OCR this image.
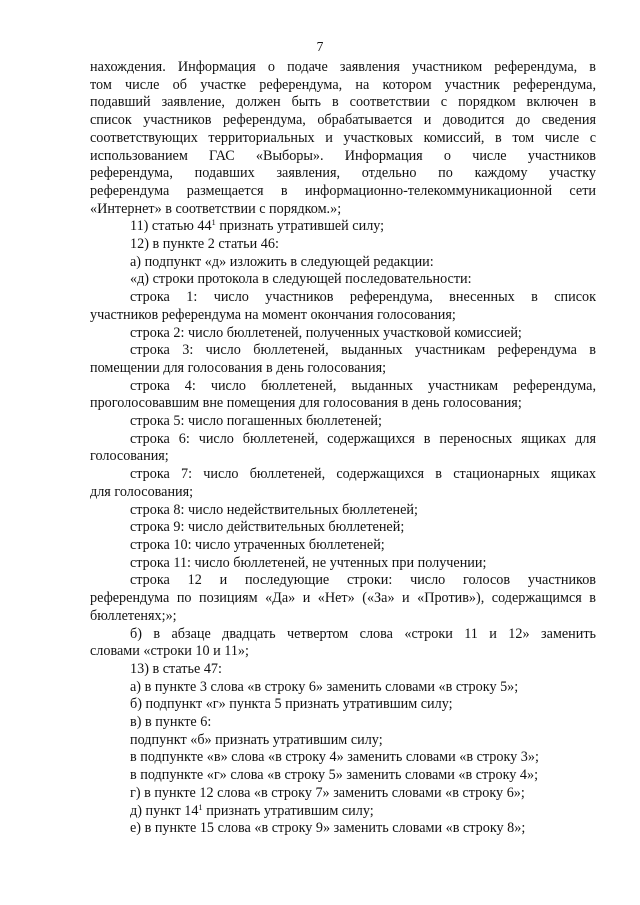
7

нахождения. Информация о подаче заявления участником референдума, в

том числе об участке референдума, на котором участник референдума,

подавший заявление, должен быть в соответствии с порядком включен в

список участников референдума, обрабатывается и доводится до сведения

соответствующих территориальных и участковых комиссий, в том числе с

использованием ГАС «Выборы». Информация о числе участников

референдума, подавших заявления, отдельно по каждому участку

референдума размещается в информационно-телекоммуникационной сети

«Интернет» в соответствии с порядком.»;

11) статью $44^1$ признать утратившей силу;

12) в пункте 2 статьи 46:

а) подпункт «д» изложить в следующей редакции:

«д) строки протокола в следующей последовательности:

строка 1: число участников референдума, внесенных в список

участников референдума на момент окончания голосования;

строка 2: число бюллетеней, полученных участковой комиссией;

строка 3: число бюллетеней, выданных участникам референдума в

помещении для голосования в день голосования;

строка 4: число бюллетеней, выданных участникам референдума,

проголосовавшим вне помещения для голосования в день голосования;

строка 5: число погашенных бюллетеней;

строка 6: число бюллетеней, содержащихся в переносных ящиках для

голосования;

строка 7: число бюллетеней, содержащихся в стационарных ящиках

для голосования;

строка 8: число недействительных бюллетеней;

строка 9: число действительных бюллетеней;

строка 10: число утраченных бюллетеней;

строка 11: число бюллетеней, не учтенных при получении;

строка 12 и последующие строки: число голосов участников

референдума по позициям «Да» и «Нет» («За» и «Против»), содержащимся в

бюллетенях;»;

б) в абзаце двадцать четвертом слова «строки 11 и 12» заменить

словами «строки 10 и 11»;

13) в статье 47:

а) в пункте 3 слова «в строку 6» заменить словами «в строку 5»;

б) подпункт «г» пункта 5 признать утратившим силу;

в) в пункте 6:

подпункт «б» признать утратившим силу;

в подпункте «в» слова «в строку 4» заменить словами «в строку 3»;

в подпункте «г» слова «в строку 5» заменить словами «в строку 4»;

г) в пункте 12 слова «в строку 7» заменить словами «в строку 6»;

д) пункт $14^1$ признать утратившим силу;

е) в пункте 15 слова «в строку 9» заменить словами «в строку 8»;
